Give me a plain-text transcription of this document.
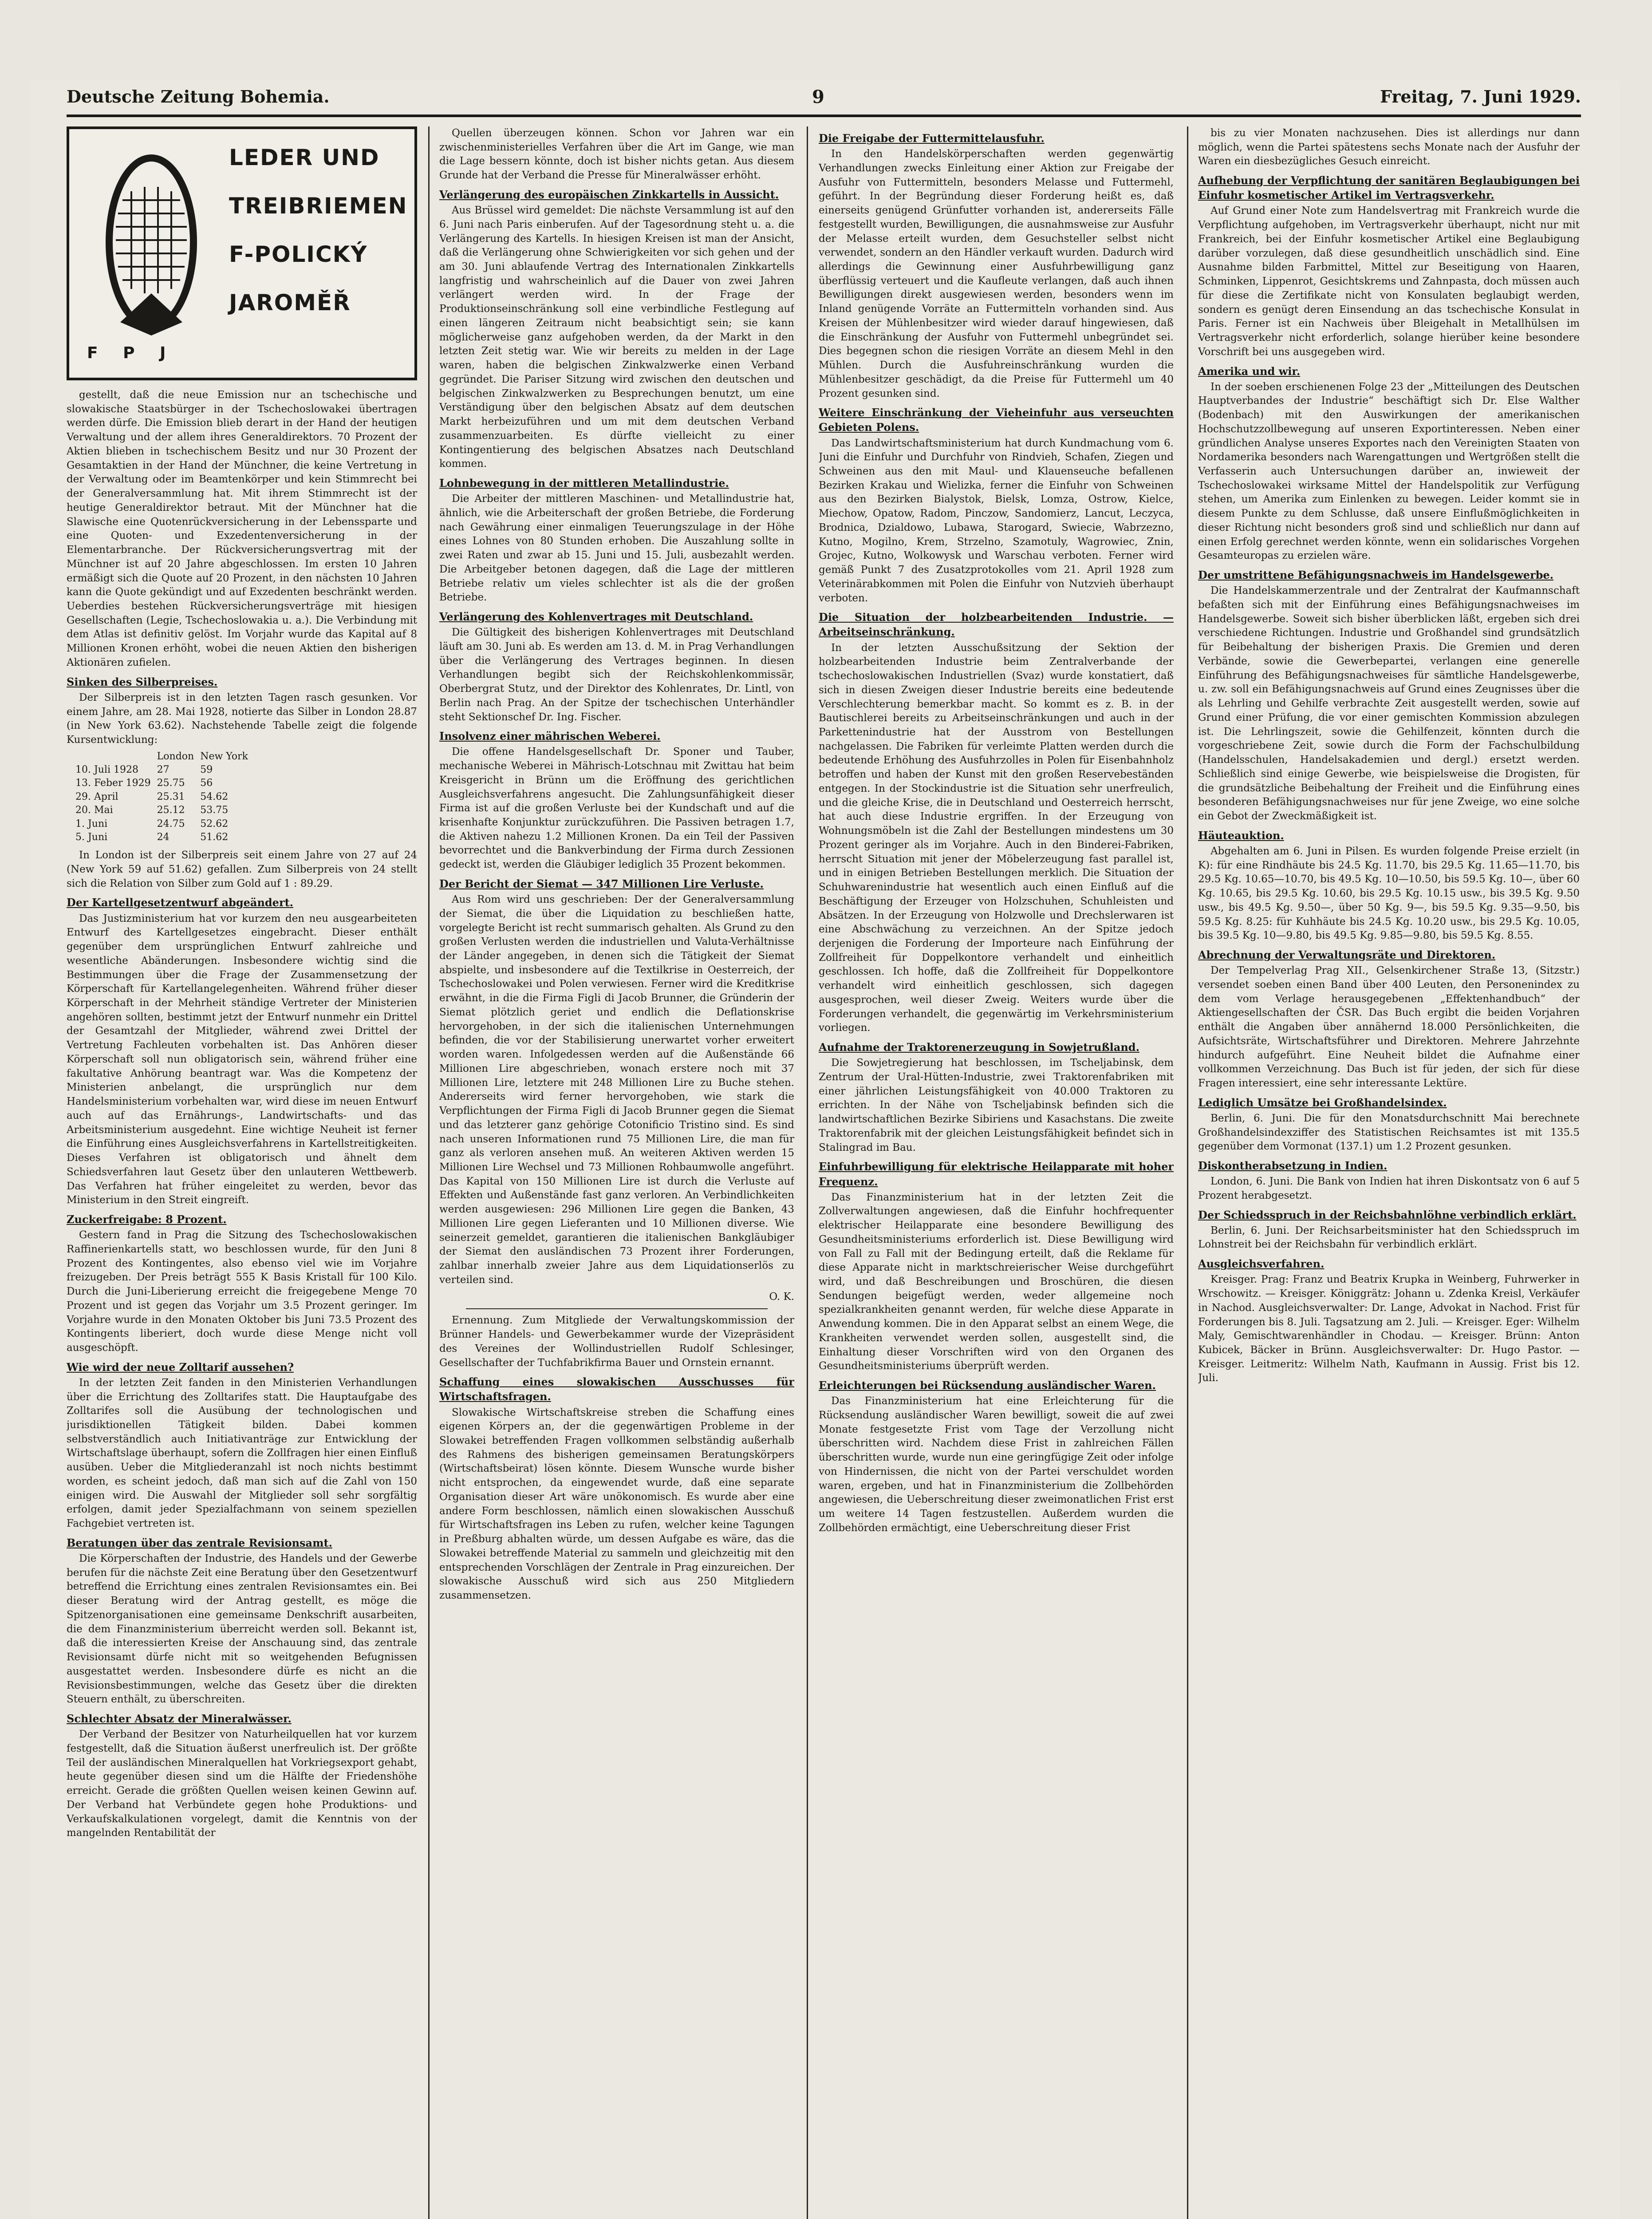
Deutsche Zeitung Bohemia.	9	Freitag, 7. Juni 1929.
LEDER UND
TREIBRIEMEN
F-POLICKÝ
JAROMĚŘ
F P J

gestellt, daß die neue Emission nur an tschechische und slowakische Staatsbürger in der Tschechoslowakei übertragen werden dürfe. Die Emission blieb derart in der Hand der heutigen Verwaltung und der allem ihres Generaldirektors. 70 Prozent der Aktien blieben in tschechischem Besitz und nur 30 Prozent der Gesamtaktien in der Hand der Münchner, die keine Vertretung in der Verwaltung oder im Beamtenkörper und kein Stimmrecht bei der Generalversammlung hat. Mit ihrem Stimmrecht ist der heutige Generaldirektor betraut. Mit der Münchner hat die Slawische eine Quotenrückversicherung in der Lebenssparte und eine Quoten- und Exzedentenversicherung in der Elementarbranche. Der Rückversicherungsvertrag mit der Münchner ist auf 20 Jahre abgeschlossen. Im ersten 10 Jahren ermäßigt sich die Quote auf 20 Prozent, in den nächsten 10 Jahren kann die Quote gekündigt und auf Exzedenten beschränkt werden. Ueberdies bestehen Rückversicherungsverträge mit hiesigen Gesellschaften (Legie, Tschechoslowakia u. a.). Die Verbindung mit dem Atlas ist definitiv gelöst. Im Vorjahr wurde das Kapital auf 8 Millionen Kronen erhöht, wobei die neuen Aktien den bisherigen Aktionären zufielen.

Sinken des Silberpreises.

Der Silberpreis ist in den letzten Tagen rasch gesunken. Vor einem Jahre, am 28. Mai 1928, notierte das Silber in London 28.87 (in New York 63.62). Nachstehende Tabelle zeigt die folgende Kursentwicklung:

	London	New York
10. Juli 1928	27	59
13. Feber 1929	25.75	56
29. April	25.31	54.62
20. Mai	25.12	53.75
1. Juni	24.75	52.62
5. Juni	24	51.62

In London ist der Silberpreis seit einem Jahre von 27 auf 24 (New York 59 auf 51.62) gefallen. Zum Silberpreis von 24 stellt sich die Relation von Silber zum Gold auf 1 : 89.29.

Der Kartellgesetzentwurf abgeändert.

Das Justizministerium hat vor kurzem den neu ausgearbeiteten Entwurf des Kartellgesetzes eingebracht. Dieser enthält gegenüber dem ursprünglichen Entwurf zahlreiche und wesentliche Abänderungen. Insbesondere wichtig sind die Bestimmungen über die Frage der Zusammensetzung der Körperschaft für Kartellangelegenheiten. Während früher dieser Körperschaft in der Mehrheit ständige Vertreter der Ministerien angehören sollten, bestimmt jetzt der Entwurf nunmehr ein Drittel der Gesamtzahl der Mitglieder, während zwei Drittel der Vertretung Fachleuten vorbehalten ist. Das Anhören dieser Körperschaft soll nun obligatorisch sein, während früher eine fakultative Anhörung beantragt war. Was die Kompetenz der Ministerien anbelangt, die ursprünglich nur dem Handelsministerium vorbehalten war, wird diese im neuen Entwurf auch auf das Ernährungs-, Landwirtschafts- und das Arbeitsministerium ausgedehnt. Eine wichtige Neuheit ist ferner die Einführung eines Ausgleichsverfahrens in Kartellstreitigkeiten. Dieses Verfahren ist obligatorisch und ähnelt dem Schiedsverfahren laut Gesetz über den unlauteren Wettbewerb. Das Verfahren hat früher eingeleitet zu werden, bevor das Ministerium in den Streit eingreift.

Zuckerfreigabe: 8 Prozent.

Gestern fand in Prag die Sitzung des Tschechoslowakischen Raffinerienkartells statt, wo beschlossen wurde, für den Juni 8 Prozent des Kontingentes, also ebenso viel wie im Vorjahre freizugeben. Der Preis beträgt 555 K Basis Kristall für 100 Kilo. Durch die Juni-Liberierung erreicht die freigegebene Menge 70 Prozent und ist gegen das Vorjahr um 3.5 Prozent geringer. Im Vorjahre wurde in den Monaten Oktober bis Juni 73.5 Prozent des Kontingents liberiert, doch wurde diese Menge nicht voll ausgeschöpft.

Wie wird der neue Zolltarif aussehen?

In der letzten Zeit fanden in den Ministerien Verhandlungen über die Errichtung des Zolltarifes statt. Die Hauptaufgabe des Zolltarifes soll die Ausübung der technologischen und jurisdiktionellen Tätigkeit bilden. Dabei kommen selbstverständlich auch Initiativanträge zur Entwicklung der Wirtschaftslage überhaupt, sofern die Zollfragen hier einen Einfluß ausüben. Ueber die Mitgliederanzahl ist noch nichts bestimmt worden, es scheint jedoch, daß man sich auf die Zahl von 150 einigen wird. Die Auswahl der Mitglieder soll sehr sorgfältig erfolgen, damit jeder Spezialfachmann von seinem speziellen Fachgebiet vertreten ist.

Beratungen über das zentrale Revisionsamt.

Die Körperschaften der Industrie, des Handels und der Gewerbe berufen für die nächste Zeit eine Beratung über den Gesetzentwurf betreffend die Errichtung eines zentralen Revisionsamtes ein. Bei dieser Beratung wird der Antrag gestellt, es möge die Spitzenorganisationen eine gemeinsame Denkschrift ausarbeiten, die dem Finanzministerium überreicht werden soll. Bekannt ist, daß die interessierten Kreise der Anschauung sind, das zentrale Revisionsamt dürfe nicht mit so weitgehenden Befugnissen ausgestattet werden. Insbesondere dürfe es nicht an die Revisionsbestimmungen, welche das Gesetz über die direkten Steuern enthält, zu überschreiten.

Schlechter Absatz der Mineralwässer.

Der Verband der Besitzer von Naturheilquellen hat vor kurzem festgestellt, daß die Situation äußerst unerfreulich ist. Der größte Teil der ausländischen Mineralquellen hat Vorkriegsexport gehabt, heute gegenüber diesen sind um die Hälfte der Friedenshöhe erreicht. Gerade die größten Quellen weisen keinen Gewinn auf. Der Verband hat Verbündete gegen hohe Produktions- und Verkaufskalkulationen vorgelegt, damit die Kenntnis von der mangelnden Rentabilität der

Quellen überzeugen können. Schon vor Jahren war ein zwischenministerielles Verfahren über die Art im Gange, wie man die Lage bessern könnte, doch ist bisher nichts getan. Aus diesem Grunde hat der Verband die Presse für Mineralwässer erhöht.

Verlängerung des europäischen Zinkkartells in Aussicht.

Aus Brüssel wird gemeldet: Die nächste Versammlung ist auf den 6. Juni nach Paris einberufen. Auf der Tagesordnung steht u. a. die Verlängerung des Kartells. In hiesigen Kreisen ist man der Ansicht, daß die Verlängerung ohne Schwierigkeiten vor sich gehen und der am 30. Juni ablaufende Vertrag des Internationalen Zinkkartells langfristig und wahrscheinlich auf die Dauer von zwei Jahren verlängert werden wird. In der Frage der Produktionseinschränkung soll eine verbindliche Festlegung auf einen längeren Zeitraum nicht beabsichtigt sein; sie kann möglicherweise ganz aufgehoben werden, da der Markt in den letzten Zeit stetig war. Wie wir bereits zu melden in der Lage waren, haben die belgischen Zinkwalzwerke einen Verband gegründet. Die Pariser Sitzung wird zwischen den deutschen und belgischen Zinkwalzwerken zu Besprechungen benutzt, um eine Verständigung über den belgischen Absatz auf dem deutschen Markt herbeizuführen und um mit dem deutschen Verband zusammenzuarbeiten. Es dürfte vielleicht zu einer Kontingentierung des belgischen Absatzes nach Deutschland kommen.

Lohnbewegung in der mittleren Metallindustrie.

Die Arbeiter der mittleren Maschinen- und Metallindustrie hat, ähnlich, wie die Arbeiterschaft der großen Betriebe, die Forderung nach Gewährung einer einmaligen Teuerungszulage in der Höhe eines Lohnes von 80 Stunden erhoben. Die Auszahlung sollte in zwei Raten und zwar ab 15. Juni und 15. Juli, ausbezahlt werden. Die Arbeitgeber betonen dagegen, daß die Lage der mittleren Betriebe relativ um vieles schlechter ist als die der großen Betriebe.

Verlängerung des Kohlenvertrages mit Deutschland.

Die Gültigkeit des bisherigen Kohlenvertrages mit Deutschland läuft am 30. Juni ab. Es werden am 13. d. M. in Prag Verhandlungen über die Verlängerung des Vertrages beginnen. In diesen Verhandlungen begibt sich der Reichskohlenkommissär, Oberbergrat Stutz, und der Direktor des Kohlenrates, Dr. Lintl, von Berlin nach Prag. An der Spitze der tschechischen Unterhändler steht Sektionschef Dr. Ing. Fischer.

Insolvenz einer mährischen Weberei.

Die offene Handelsgesellschaft Dr. Sponer und Tauber, mechanische Weberei in Mährisch-Lotschnau mit Zwittau hat beim Kreisgericht in Brünn um die Eröffnung des gerichtlichen Ausgleichsverfahrens angesucht. Die Zahlungsunfähigkeit dieser Firma ist auf die großen Verluste bei der Kundschaft und auf die krisenhafte Konjunktur zurückzuführen. Die Passiven betragen 1.7, die Aktiven nahezu 1.2 Millionen Kronen. Da ein Teil der Passiven bevorrechtet und die Bankverbindung der Firma durch Zessionen gedeckt ist, werden die Gläubiger lediglich 35 Prozent bekommen.

Der Bericht der Siemat — 347 Millionen Lire Verluste.

Aus Rom wird uns geschrieben: Der der Generalversammlung der Siemat, die über die Liquidation zu beschließen hatte, vorgelegte Bericht ist recht summarisch gehalten. Als Grund zu den großen Verlusten werden die industriellen und Valuta-Verhältnisse der Länder angegeben, in denen sich die Tätigkeit der Siemat abspielte, und insbesondere auf die Textilkrise in Oesterreich, der Tschechoslowakei und Polen verwiesen. Ferner wird die Kreditkrise erwähnt, in die die Firma Figli di Jacob Brunner, die Gründerin der Siemat plötzlich geriet und endlich die Deflationskrise hervorgehoben, in der sich die italienischen Unternehmungen befinden, die vor der Stabilisierung unerwartet vorher erweitert worden waren. Infolgedessen werden auf die Außenstände 66 Millionen Lire abgeschrieben, wonach erstere noch mit 37 Millionen Lire, letztere mit 248 Millionen Lire zu Buche stehen. Andererseits wird ferner hervorgehoben, wie stark die Verpflichtungen der Firma Figli di Jacob Brunner gegen die Siemat und das letzterer ganz gehörige Cotonificio Tristino sind. Es sind nach unseren Informationen rund 75 Millionen Lire, die man für ganz als verloren ansehen muß. An weiteren Aktiven werden 15 Millionen Lire Wechsel und 73 Millionen Rohbaumwolle angeführt. Das Kapital von 150 Millionen Lire ist durch die Verluste auf Effekten und Außenstände fast ganz verloren. An Verbindlichkeiten werden ausgewiesen: 296 Millionen Lire gegen die Banken, 43 Millionen Lire gegen Lieferanten und 10 Millionen diverse. Wie seinerzeit gemeldet, garantieren die italienischen Bankgläubiger der Siemat den ausländischen 73 Prozent ihrer Forderungen, zahlbar innerhalb zweier Jahre aus dem Liquidationserlös zu verteilen sind.

O. K.

Ernennung. Zum Mitgliede der Verwaltungskommission der Brünner Handels- und Gewerbekammer wurde der Vizepräsident des Vereines der Wollindustriellen Rudolf Schlesinger, Gesellschafter der Tuchfabrikfirma Bauer und Ornstein ernannt.

Schaffung eines slowakischen Ausschusses für Wirtschaftsfragen.

Slowakische Wirtschaftskreise streben die Schaffung eines eigenen Körpers an, der die gegenwärtigen Probleme in der Slowakei betreffenden Fragen vollkommen selbständig außerhalb des Rahmens des bisherigen gemeinsamen Beratungskörpers (Wirtschaftsbeirat) lösen könnte. Diesem Wunsche wurde bisher nicht entsprochen, da eingewendet wurde, daß eine separate Organisation dieser Art wäre unökonomisch. Es wurde aber eine andere Form beschlossen, nämlich einen slowakischen Ausschuß für Wirtschaftsfragen ins Leben zu rufen, welcher keine Tagungen in Preßburg abhalten würde, um dessen Aufgabe es wäre, das die Slowakei betreffende Material zu sammeln und gleichzeitig mit den entsprechenden Vorschlägen der Zentrale in Prag einzureichen. Der slowakische Ausschuß wird sich aus 250 Mitgliedern zusammensetzen.

Die Freigabe der Futtermittelausfuhr.

In den Handelskörperschaften werden gegenwärtig Verhandlungen zwecks Einleitung einer Aktion zur Freigabe der Ausfuhr von Futtermitteln, besonders Melasse und Futtermehl, geführt. In der Begründung dieser Forderung heißt es, daß einerseits genügend Grünfutter vorhanden ist, andererseits Fälle festgestellt wurden, Bewilligungen, die ausnahmsweise zur Ausfuhr der Melasse erteilt wurden, dem Gesuchsteller selbst nicht verwendet, sondern an den Händler verkauft wurden. Dadurch wird allerdings die Gewinnung einer Ausfuhrbewilligung ganz überflüssig verteuert und die Kaufleute verlangen, daß auch ihnen Bewilligungen direkt ausgewiesen werden, besonders wenn im Inland genügende Vorräte an Futtermitteln vorhanden sind. Aus Kreisen der Mühlenbesitzer wird wieder darauf hingewiesen, daß die Einschränkung der Ausfuhr von Futtermehl unbegründet sei. Dies begegnen schon die riesigen Vorräte an diesem Mehl in den Mühlen. Durch die Ausfuhreinschränkung wurden die Mühlenbesitzer geschädigt, da die Preise für Futtermehl um 40 Prozent gesunken sind.

Weitere Einschränkung der Vieheinfuhr aus verseuchten Gebieten Polens.

Das Landwirtschaftsministerium hat durch Kundmachung vom 6. Juni die Einfuhr und Durchfuhr von Rindvieh, Schafen, Ziegen und Schweinen aus den mit Maul- und Klauenseuche befallenen Bezirken Krakau und Wielizka, ferner die Einfuhr von Schweinen aus den Bezirken Bialystok, Bielsk, Lomza, Ostrow, Kielce, Miechow, Opatow, Radom, Pinczow, Sandomierz, Lancut, Leczyca, Brodnica, Dzialdowo, Lubawa, Starogard, Swiecie, Wabrzezno, Kutno, Mogilno, Krem, Strzelno, Szamotuly, Wagrowiec, Znin, Grojec, Kutno, Wolkowysk und Warschau verboten. Ferner wird gemäß Punkt 7 des Zusatzprotokolles vom 21. April 1928 zum Veterinärabkommen mit Polen die Einfuhr von Nutzvieh überhaupt verboten.

Die Situation der holzbearbeitenden Industrie. — Arbeitseinschränkung.

In der letzten Ausschußsitzung der Sektion der holzbearbeitenden Industrie beim Zentralverbande der tschechoslowakischen Industriellen (Svaz) wurde konstatiert, daß sich in diesen Zweigen dieser Industrie bereits eine bedeutende Verschlechterung bemerkbar macht. So kommt es z. B. in der Bautischlerei bereits zu Arbeitseinschränkungen und auch in der Parkettenindustrie hat der Ausstrom von Bestellungen nachgelassen. Die Fabriken für verleimte Platten werden durch die bedeutende Erhöhung des Ausfuhrzolles in Polen für Eisenbahnholz betroffen und haben der Kunst mit den großen Reservebeständen entgegen. In der Stockindustrie ist die Situation sehr unerfreulich, und die gleiche Krise, die in Deutschland und Oesterreich herrscht, hat auch diese Industrie ergriffen. In der Erzeugung von Wohnungsmöbeln ist die Zahl der Bestellungen mindestens um 30 Prozent geringer als im Vorjahre. Auch in den Binderei-Fabriken, herrscht Situation mit jener der Möbelerzeugung fast parallel ist, und in einigen Betrieben Bestellungen merklich. Die Situation der Schuhwarenindustrie hat wesentlich auch einen Einfluß auf die Beschäftigung der Erzeuger von Holzschuhen, Schuhleisten und Absätzen. In der Erzeugung von Holzwolle und Drechslerwaren ist eine Abschwächung zu verzeichnen. An der Spitze jedoch derjenigen die Forderung der Importeure nach Einführung der Zollfreiheit für Doppelkontore verhandelt und einheitlich geschlossen. Ich hoffe, daß die Zollfreiheit für Doppelkontore verhandelt wird einheitlich geschlossen, sich dagegen ausgesprochen, weil dieser Zweig. Weiters wurde über die Forderungen verhandelt, die gegenwärtig im Verkehrsministerium vorliegen.

Aufnahme der Traktorenerzeugung in Sowjetrußland.

Die Sowjetregierung hat beschlossen, im Tscheljabinsk, dem Zentrum der Ural-Hütten-Industrie, zwei Traktorenfabriken mit einer jährlichen Leistungsfähigkeit von 40.000 Traktoren zu errichten. In der Nähe von Tscheljabinsk befinden sich die landwirtschaftlichen Bezirke Sibiriens und Kasachstans. Die zweite Traktorenfabrik mit der gleichen Leistungsfähigkeit befindet sich in Stalingrad im Bau.

Einfuhrbewilligung für elektrische Heilapparate mit hoher Frequenz.

Das Finanzministerium hat in der letzten Zeit die Zollverwaltungen angewiesen, daß die Einfuhr hochfrequenter elektrischer Heilapparate eine besondere Bewilligung des Gesundheitsministeriums erforderlich ist. Diese Bewilligung wird von Fall zu Fall mit der Bedingung erteilt, daß die Reklame für diese Apparate nicht in marktschreierischer Weise durchgeführt wird, und daß Beschreibungen und Broschüren, die diesen Sendungen beigefügt werden, weder allgemeine noch spezialkrankheiten genannt werden, für welche diese Apparate in Anwendung kommen. Die in den Apparat selbst an einem Wege, die Krankheiten verwendet werden sollen, ausgestellt sind, die Einhaltung dieser Vorschriften wird von den Organen des Gesundheitsministeriums überprüft werden.

Erleichterungen bei Rücksendung ausländischer Waren.

Das Finanzministerium hat eine Erleichterung für die Rücksendung ausländischer Waren bewilligt, soweit die auf zwei Monate festgesetzte Frist vom Tage der Verzollung nicht überschritten wird. Nachdem diese Frist in zahlreichen Fällen überschritten wurde, wurde nun eine geringfügige Zeit oder infolge von Hindernissen, die nicht von der Partei verschuldet worden waren, ergeben, und hat in Finanzministerium die Zollbehörden angewiesen, die Ueberschreitung dieser zweimonatlichen Frist erst um weitere 14 Tagen festzustellen. Außerdem wurden die Zollbehörden ermächtigt, eine Ueberschreitung dieser Frist

bis zu vier Monaten nachzusehen. Dies ist allerdings nur dann möglich, wenn die Partei spätestens sechs Monate nach der Ausfuhr der Waren ein diesbezügliches Gesuch einreicht.

Aufhebung der Verpflichtung der sanitären Beglaubigungen bei Einfuhr kosmetischer Artikel im Vertragsverkehr.

Auf Grund einer Note zum Handelsvertrag mit Frankreich wurde die Verpflichtung aufgehoben, im Vertragsverkehr überhaupt, nicht nur mit Frankreich, bei der Einfuhr kosmetischer Artikel eine Beglaubigung darüber vorzulegen, daß diese gesundheitlich unschädlich sind. Eine Ausnahme bilden Farbmittel, Mittel zur Beseitigung von Haaren, Schminken, Lippenrot, Gesichtskrems und Zahnpasta, doch müssen auch für diese die Zertifikate nicht von Konsulaten beglaubigt werden, sondern es genügt deren Einsendung an das tschechische Konsulat in Paris. Ferner ist ein Nachweis über Bleigehalt in Metallhülsen im Vertragsverkehr nicht erforderlich, solange hierüber keine besondere Vorschrift bei uns ausgegeben wird.

Amerika und wir.

In der soeben erschienenen Folge 23 der „Mitteilungen des Deutschen Hauptverbandes der Industrie“ beschäftigt sich Dr. Else Walther (Bodenbach) mit den Auswirkungen der amerikanischen Hochschutzzollbewegung auf unseren Exportinteressen. Neben einer gründlichen Analyse unseres Exportes nach den Vereinigten Staaten von Nordamerika besonders nach Warengattungen und Wertgrößen stellt die Verfasserin auch Untersuchungen darüber an, inwieweit der Tschechoslowakei wirksame Mittel der Handelspolitik zur Verfügung stehen, um Amerika zum Einlenken zu bewegen. Leider kommt sie in diesem Punkte zu dem Schlusse, daß unsere Einflußmöglichkeiten in dieser Richtung nicht besonders groß sind und schließlich nur dann auf einen Erfolg gerechnet werden könnte, wenn ein solidarisches Vorgehen Gesamteuropas zu erzielen wäre.

Der umstrittene Befähigungsnachweis im Handelsgewerbe.

Die Handelskammerzentrale und der Zentralrat der Kaufmannschaft befaßten sich mit der Einführung eines Befähigungsnachweises im Handelsgewerbe. Soweit sich bisher überblicken läßt, ergeben sich drei verschiedene Richtungen. Industrie und Großhandel sind grundsätzlich für Beibehaltung der bisherigen Praxis. Die Gremien und deren Verbände, sowie die Gewerbepartei, verlangen eine generelle Einführung des Befähigungsnachweises für sämtliche Handelsgewerbe, u. zw. soll ein Befähigungsnachweis auf Grund eines Zeugnisses über die als Lehrling und Gehilfe verbrachte Zeit ausgestellt werden, sowie auf Grund einer Prüfung, die vor einer gemischten Kommission abzulegen ist. Die Lehrlingszeit, sowie die Gehilfenzeit, könnten durch die vorgeschriebene Zeit, sowie durch die Form der Fachschulbildung (Handelsschulen, Handelsakademien und dergl.) ersetzt werden. Schließlich sind einige Gewerbe, wie beispielsweise die Drogisten, für die grundsätzliche Beibehaltung der Freiheit und die Einführung eines besonderen Befähigungsnachweises nur für jene Zweige, wo eine solche ein Gebot der Zweckmäßigkeit ist.

Häuteauktion.

Abgehalten am 6. Juni in Pilsen. Es wurden folgende Preise erzielt (in K): für eine Rindhäute bis 24.5 Kg. 11.70, bis 29.5 Kg. 11.65—11.70, bis 29.5 Kg. 10.65—10.70, bis 49.5 Kg. 10—10.50, bis 59.5 Kg. 10—, über 60 Kg. 10.65, bis 29.5 Kg. 10.60, bis 29.5 Kg. 10.15 usw., bis 39.5 Kg. 9.50 usw., bis 49.5 Kg. 9.50—, über 50 Kg. 9—, bis 59.5 Kg. 9.35—9.50, bis 59.5 Kg. 8.25: für Kuhhäute bis 24.5 Kg. 10.20 usw., bis 29.5 Kg. 10.05, bis 39.5 Kg. 10—9.80, bis 49.5 Kg. 9.85—9.80, bis 59.5 Kg. 8.55.

Abrechnung der Verwaltungsräte und Direktoren.

Der Tempelverlag Prag XII., Gelsenkirchener Straße 13, (Sitzstr.) versendet soeben einen Band über 400 Leuten, den Personenindex zu dem vom Verlage herausgegebenen „Effektenhandbuch“ der Aktiengesellschaften der ČSR. Das Buch ergibt die beiden Vorjahren enthält die Angaben über annähernd 18.000 Persönlichkeiten, die Aufsichtsräte, Wirtschaftsführer und Direktoren. Mehrere Jahrzehnte hindurch aufgeführt. Eine Neuheit bildet die Aufnahme einer vollkommen Verzeichnung. Das Buch ist für jeden, der sich für diese Fragen interessiert, eine sehr interessante Lektüre.

Lediglich Umsätze bei Großhandelsindex.

Berlin, 6. Juni. Die für den Monatsdurchschnitt Mai berechnete Großhandelsindexziffer des Statistischen Reichsamtes ist mit 135.5 gegenüber dem Vormonat (137.1) um 1.2 Prozent gesunken.

Diskontherabsetzung in Indien.

London, 6. Juni. Die Bank von Indien hat ihren Diskontsatz von 6 auf 5 Prozent herabgesetzt.

Der Schiedsspruch in der Reichsbahnlöhne verbindlich erklärt.

Berlin, 6. Juni. Der Reichsarbeitsminister hat den Schiedsspruch im Lohnstreit bei der Reichsbahn für verbindlich erklärt.

Ausgleichsverfahren.

Kreisger. Prag: Franz und Beatrix Krupka in Weinberg, Fuhrwerker in Wrschowitz. — Kreisger. Königgrätz: Johann u. Zdenka Kreisl, Verkäufer in Nachod. Ausgleichsverwalter: Dr. Lange, Advokat in Nachod. Frist für Forderungen bis 8. Juli. Tagsatzung am 2. Juli. — Kreisger. Eger: Wilhelm Maly, Gemischtwarenhändler in Chodau. — Kreisger. Brünn: Anton Kubicek, Bäcker in Brünn. Ausgleichsverwalter: Dr. Hugo Pastor. — Kreisger. Leitmeritz: Wilhelm Nath, Kaufmann in Aussig. Frist bis 12. Juli.
